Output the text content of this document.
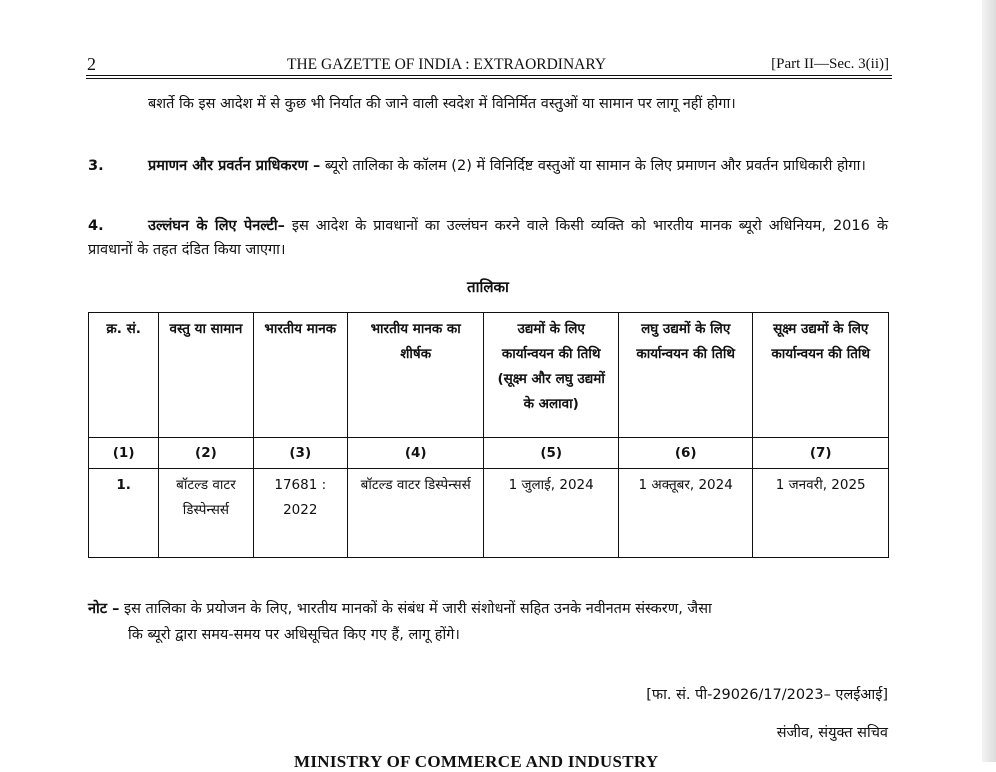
2	THE GAZETTE OF INDIA : EXTRAORDINARY	[Part II—Sec. 3(ii)]
बशर्ते कि इस आदेश में से कुछ भी निर्यात की जाने वाली स्वदेश में विनिर्मित वस्तुओं या सामान पर लागू नहीं होगा।
3.	प्रमाणन और प्रवर्तन प्राधिकरण – ब्यूरो तालिका के कॉलम (2) में विनिर्दिष्ट वस्तुओं या सामान के लिए प्रमाणन और प्रवर्तन प्राधिकारी होगा।
4.	उल्लंघन के लिए पेनल्टी– इस आदेश के प्रावधानों का उल्लंघन करने वाले किसी व्यक्ति को भारतीय मानक ब्यूरो अधिनियम, 2016 के प्रावधानों के तहत दंडित किया जाएगा।
तालिका
क्र. सं.	वस्तु या सामान	भारतीय मानक	भारतीय मानक का शीर्षक	उद्यमों के लिए कार्यान्वयन की तिथि (सूक्ष्म और लघु उद्यमों के अलावा)	लघु उद्यमों के लिए कार्यान्वयन की तिथि	सूक्ष्म उद्यमों के लिए कार्यान्वयन की तिथि
(1)	(2)	(3)	(4)	(5)	(6)	(7)
1.	बॉटल्ड वाटर डिस्पेन्सर्स	17681 : 2022	बॉटल्ड वाटर डिस्पेन्सर्स	1 जुलाई, 2024	1 अक्तूबर, 2024	1 जनवरी, 2025
नोट – इस तालिका के प्रयोजन के लिए, भारतीय मानकों के संबंध में जारी संशोधनों सहित उनके नवीनतम संस्करण, जैसा
कि ब्यूरो द्वारा समय-समय पर अधिसूचित किए गए हैं, लागू होंगे।
[फा. सं. पी-29026/17/2023– एलईआई]
संजीव, संयुक्त सचिव
MINISTRY OF COMMERCE AND INDUSTRY
